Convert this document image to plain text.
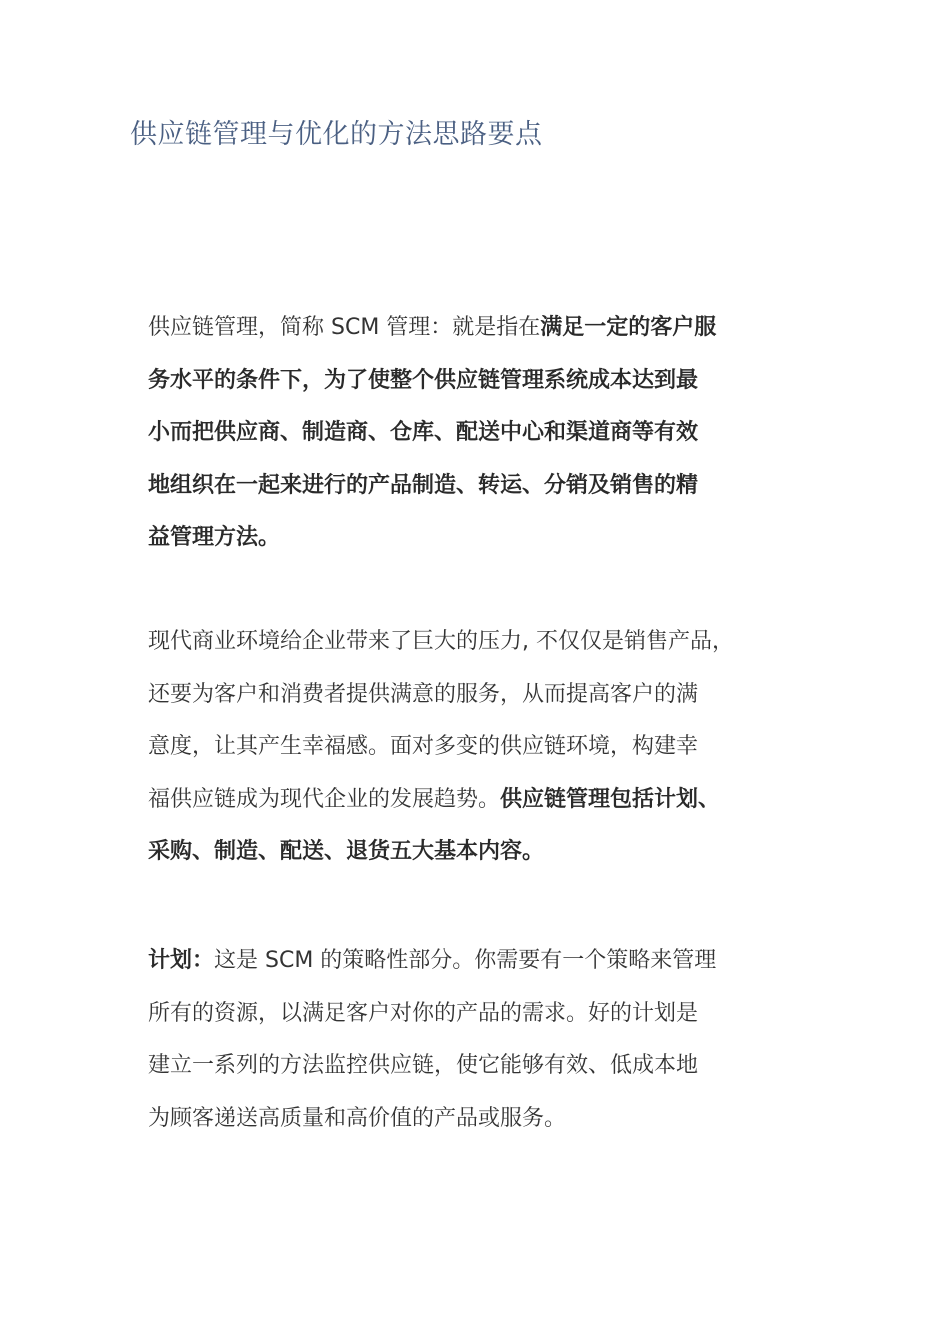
供应链管理与优化的方法思路要点
供应链管理，简称 SCM 管理：就是指在满足一定的客户服
务水平的条件下，为了使整个供应链管理系统成本达到最
小而把供应商、制造商、仓库、配送中心和渠道商等有效
地组织在一起来进行的产品制造、转运、分销及销售的精
益管理方法。
现代商业环境给企业带来了巨大的压力, 不仅仅是销售产品，
还要为客户和消费者提供满意的服务，从而提高客户的满
意度，让其产生幸福感。面对多变的供应链环境，构建幸
福供应链成为现代企业的发展趋势。供应链管理包括计划、
采购、制造、配送、退货五大基本内容。
计划：这是 SCM 的策略性部分。你需要有一个策略来管理
所有的资源，以满足客户对你的产品的需求。好的计划是
建立一系列的方法监控供应链，使它能够有效、低成本地
为顾客递送高质量和高价值的产品或服务。
